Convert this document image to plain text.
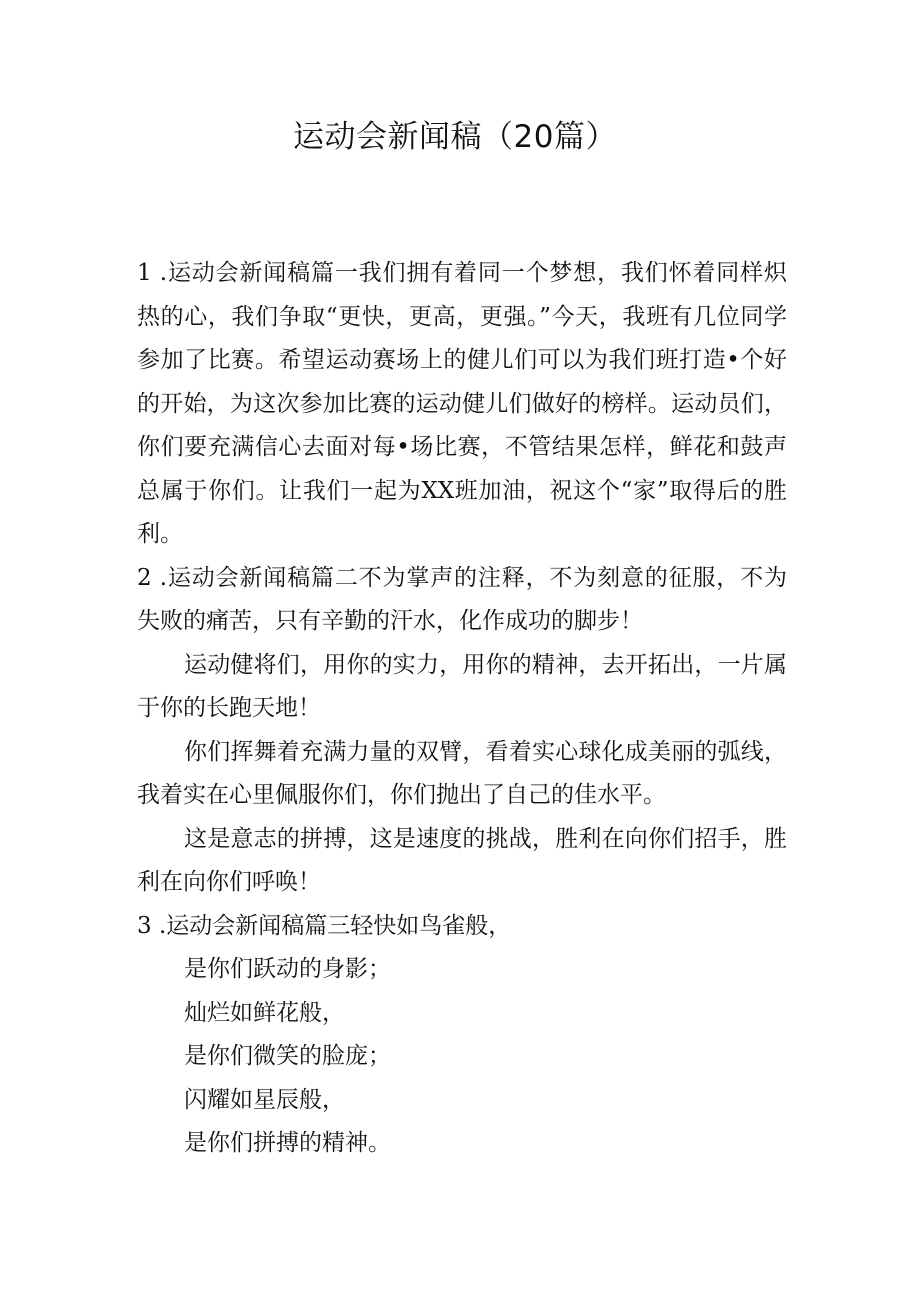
运动会新闻稿（20篇）

1 .运动会新闻稿篇一我们拥有着同一个梦想，我们怀着同样炽热的心，我们争取“更快，更高，更强。”今天，我班有几位同学参加了比赛。希望运动赛场上的健儿们可以为我们班打造•个好的开始，为这次参加比赛的运动健儿们做好的榜样。运动员们，你们要充满信心去面对每•场比赛，不管结果怎样，鲜花和鼓声总属于你们。让我们一起为XX班加油，祝这个“家”取得后的胜利。

2 .运动会新闻稿篇二不为掌声的注释，不为刻意的征服，不为失败的痛苦，只有辛勤的汗水，化作成功的脚步！

运动健将们，用你的实力，用你的精神，去开拓出，一片属于你的长跑天地！

你们挥舞着充满力量的双臂，看着实心球化成美丽的弧线，我着实在心里佩服你们，你们抛出了自己的佳水平。

这是意志的拼搏，这是速度的挑战，胜利在向你们招手，胜利在向你们呼唤！

3 .运动会新闻稿篇三轻快如鸟雀般，

是你们跃动的身影；

灿烂如鲜花般，

是你们微笑的脸庞；

闪耀如星辰般，

是你们拼搏的精神。
